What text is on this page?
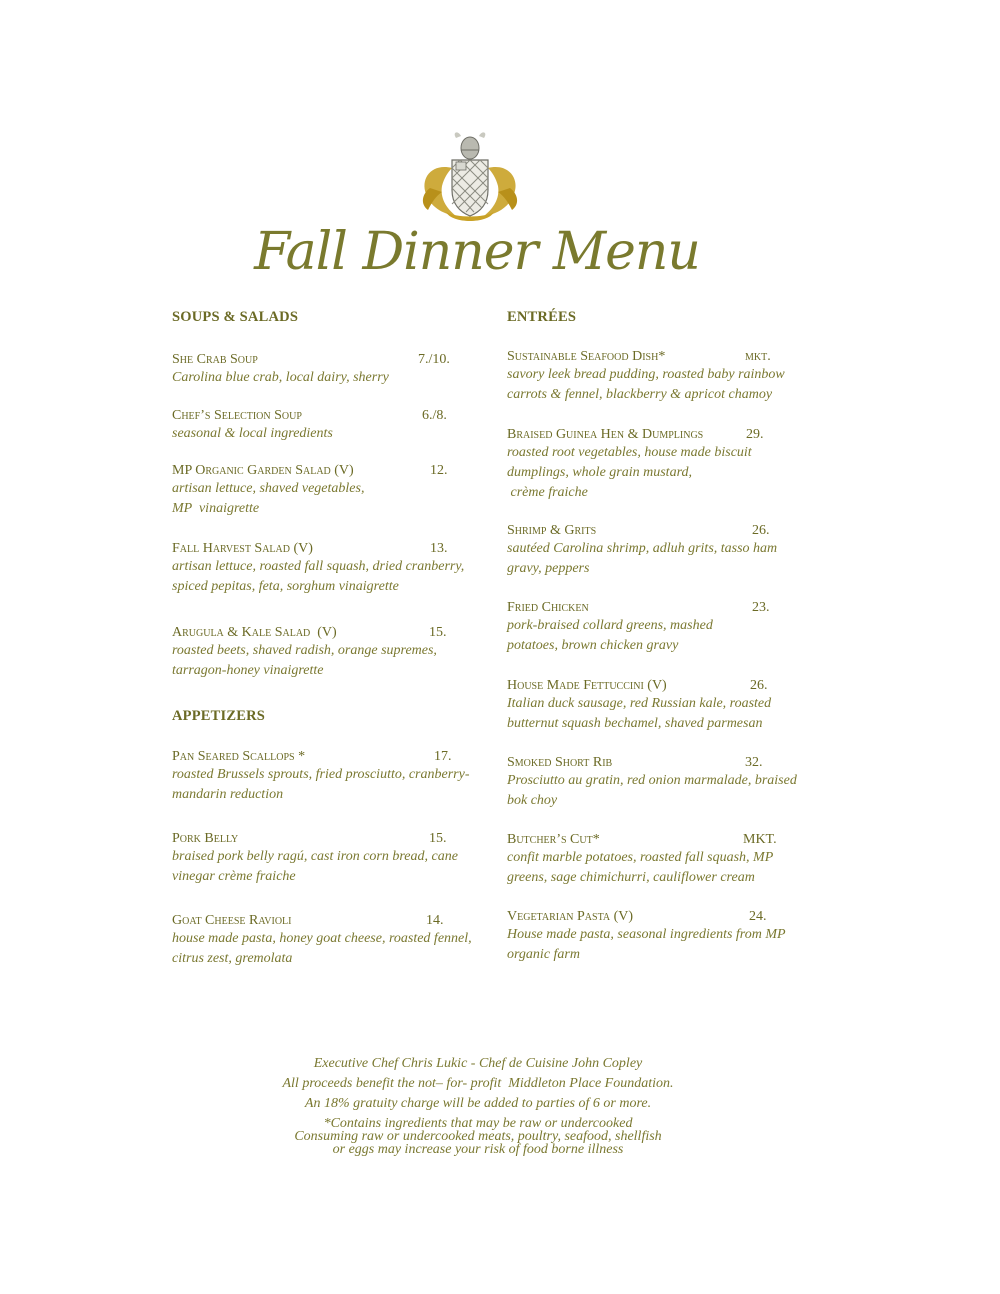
Fall Dinner Menu
SOUPS & SALADS
She Crab Soup	7./10.
Carolina blue crab, local dairy, sherry
Chef’s Selection Soup	6./8.
seasonal & local ingredients
MP Organic Garden Salad (V)	12.
artisan lettuce, shaved vegetables,
MP  vinaigrette
Fall Harvest Salad (V)	13.
artisan lettuce, roasted fall squash, dried cranberry,
spiced pepitas, feta, sorghum vinaigrette
Arugula & Kale Salad  (V)	15.
roasted beets, shaved radish, orange supremes,
tarragon-honey vinaigrette
APPETIZERS
Pan Seared Scallops *	17.
roasted Brussels sprouts, fried prosciutto, cranberry-
mandarin reduction
Pork Belly	15.
braised pork belly ragú, cast iron corn bread, cane
vinegar crème fraiche
Goat Cheese Ravioli	14.
house made pasta, honey goat cheese, roasted fennel,
citrus zest, gremolata
ENTRÉES
Sustainable Seafood Dish*	mkt.
savory leek bread pudding, roasted baby rainbow
carrots & fennel, blackberry & apricot chamoy
Braised Guinea Hen & Dumplings	29.
roasted root vegetables, house made biscuit
dumplings, whole grain mustard,
crème fraiche
Shrimp & Grits	26.
sautéed Carolina shrimp, adluh grits, tasso ham
gravy, peppers
Fried Chicken	23.
pork-braised collard greens, mashed
potatoes, brown chicken gravy
House Made Fettuccini (V)	26.
Italian duck sausage, red Russian kale, roasted
butternut squash bechamel, shaved parmesan
Smoked Short Rib	32.
Prosciutto au gratin, red onion marmalade, braised
bok choy
Butcher’s Cut*	MKT.
confit marble potatoes, roasted fall squash, MP
greens, sage chimichurri, cauliflower cream
Vegetarian Pasta (V)	24.
House made pasta, seasonal ingredients from MP
organic farm
Executive Chef Chris Lukic - Chef de Cuisine John Copley
All proceeds benefit the not– for- profit  Middleton Place Foundation.
An 18% gratuity charge will be added to parties of 6 or more.
*Contains ingredients that may be raw or undercooked
Consuming raw or undercooked meats, poultry, seafood, shellfish
or eggs may increase your risk of food borne illness
